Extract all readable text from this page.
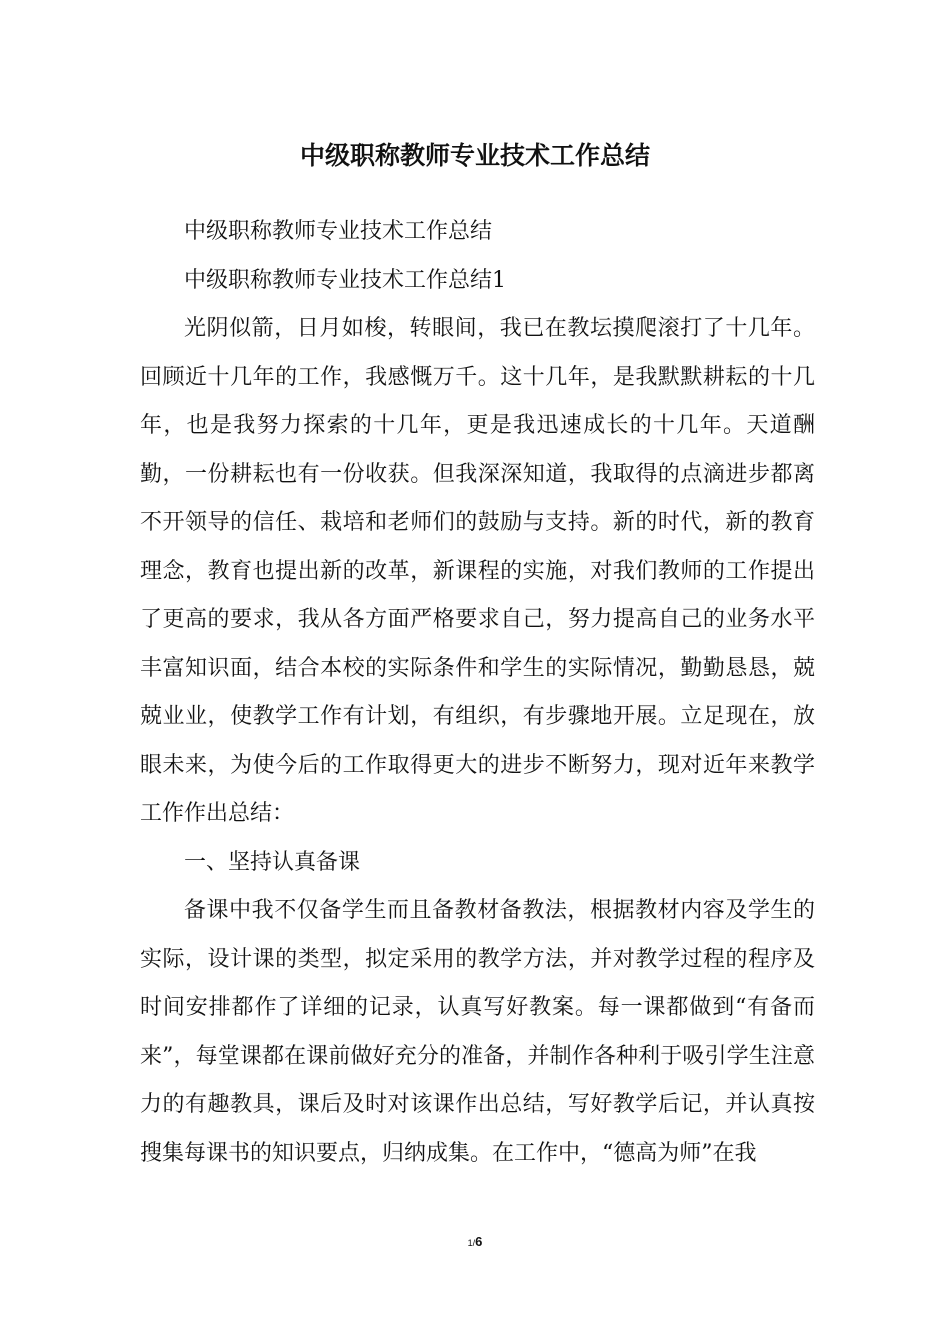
中级职称教师专业技术工作总结

中级职称教师专业技术工作总结

中级职称教师专业技术工作总结1

光阴似箭，日月如梭，转眼间，我已在教坛摸爬滚打了十几年。回顾近十几年的工作，我感慨万千。这十几年，是我默默耕耘的十几年，也是我努力探索的十几年，更是我迅速成长的十几年。天道酬勤，一份耕耘也有一份收获。但我深深知道，我取得的点滴进步都离不开领导的信任、栽培和老师们的鼓励与支持。新的时代，新的教育理念，教育也提出新的改革，新课程的实施，对我们教师的工作提出了更高的要求，我从各方面严格要求自己，努力提高自己的业务水平丰富知识面，结合本校的实际条件和学生的实际情况，勤勤恳恳，兢兢业业，使教学工作有计划，有组织，有步骤地开展。立足现在，放眼未来，为使今后的工作取得更大的进步不断努力，现对近年来教学工作作出总结：

一、坚持认真备课

备课中我不仅备学生而且备教材备教法，根据教材内容及学生的实际，设计课的类型，拟定采用的教学方法，并对教学过程的程序及时间安排都作了详细的记录，认真写好教案。每一课都做到“有备而来”，每堂课都在课前做好充分的准备，并制作各种利于吸引学生注意力的有趣教具，课后及时对该课作出总结，写好教学后记，并认真按搜集每课书的知识要点，归纳成集。在工作中，“德高为师”在我

1/6
